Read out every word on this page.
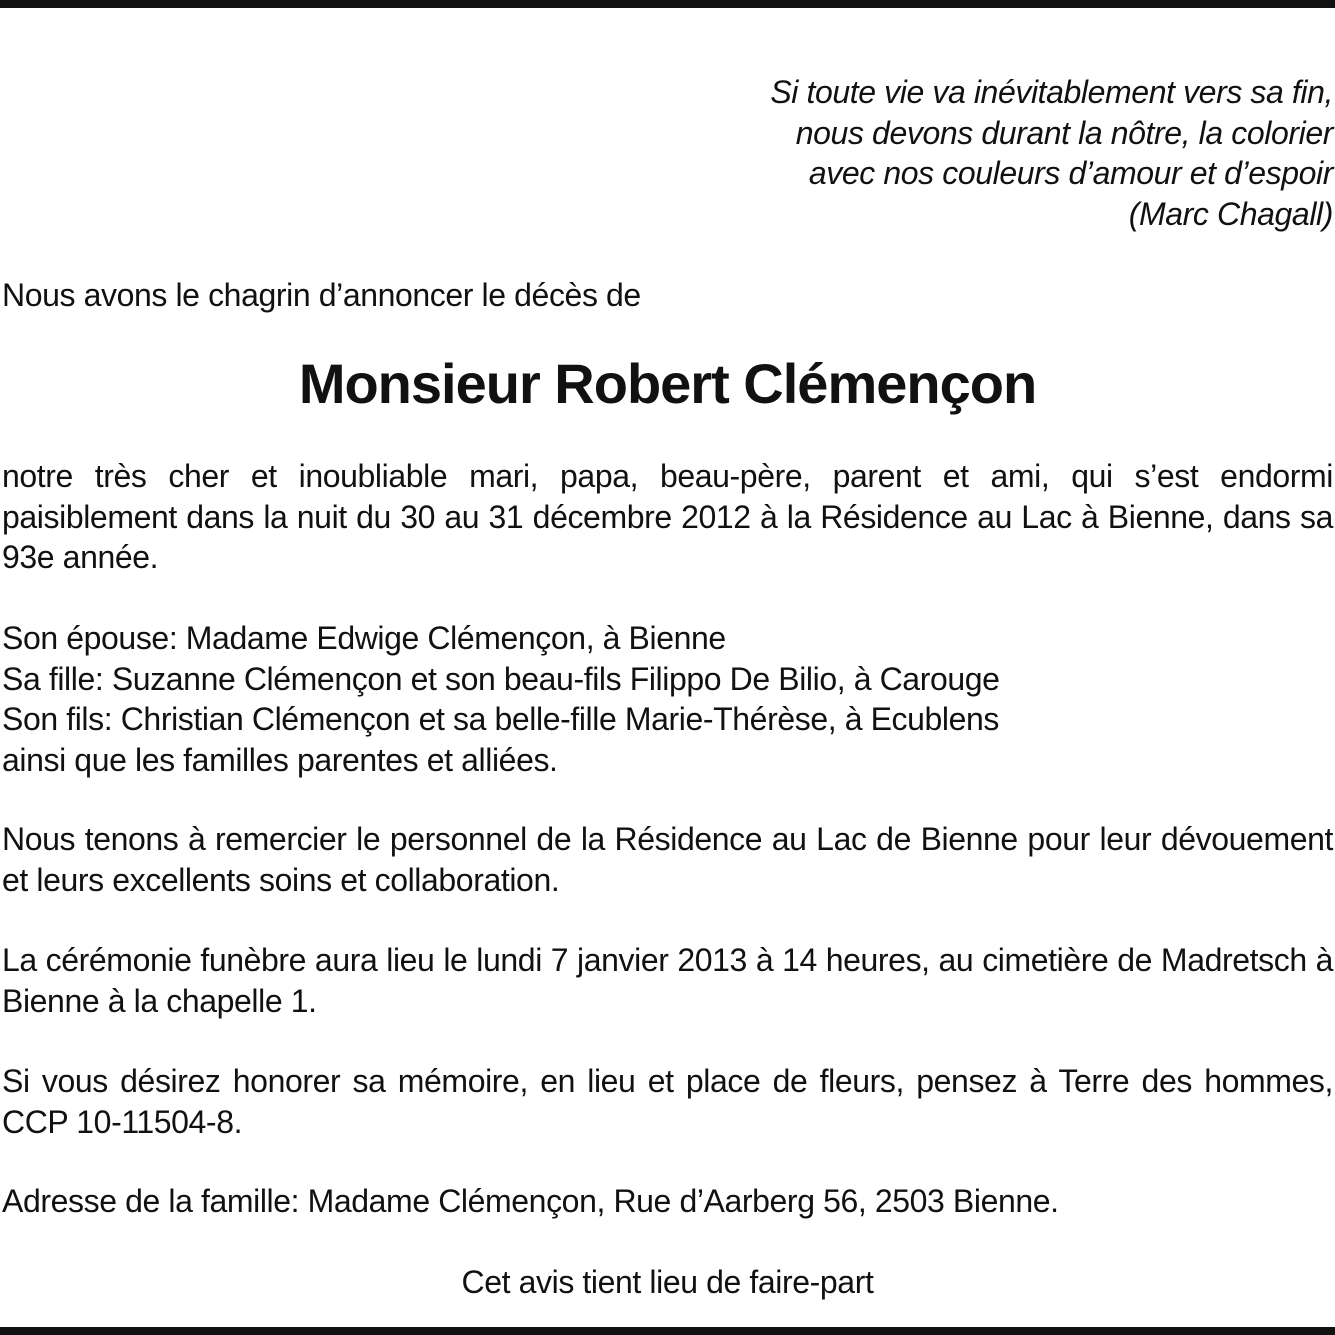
Si toute vie va inévitablement vers sa fin,
nous devons durant la nôtre, la colorier
avec nos couleurs d’amour et d’espoir
(Marc Chagall)

Nous avons le chagrin d’annoncer le décès de

Monsieur Robert Clémençon

notre très cher et inoubliable mari, papa, beau-père, parent et ami, qui s’est endormi paisiblement dans la nuit du 30 au 31 décembre 2012 à la Résidence au Lac à Bienne, dans sa 93e année.

Son épouse: Madame Edwige Clémençon, à Bienne
Sa fille: Suzanne Clémençon et son beau-fils Filippo De Bilio, à Carouge
Son fils: Christian Clémençon et sa belle-fille Marie-Thérèse, à Ecublens
ainsi que les familles parentes et alliées.

Nous tenons à remercier le personnel de la Résidence au Lac de Bienne pour leur dévouement et leurs excellents soins et collaboration.

La cérémonie funèbre aura lieu le lundi 7 janvier 2013 à 14 heures, au cimetière de Madretsch à Bienne à la chapelle 1.

Si vous désirez honorer sa mémoire, en lieu et place de fleurs, pensez à Terre des hommes, CCP 10-11504-8.

Adresse de la famille: Madame Clémençon, Rue d’Aarberg 56, 2503 Bienne.

Cet avis tient lieu de faire-part
